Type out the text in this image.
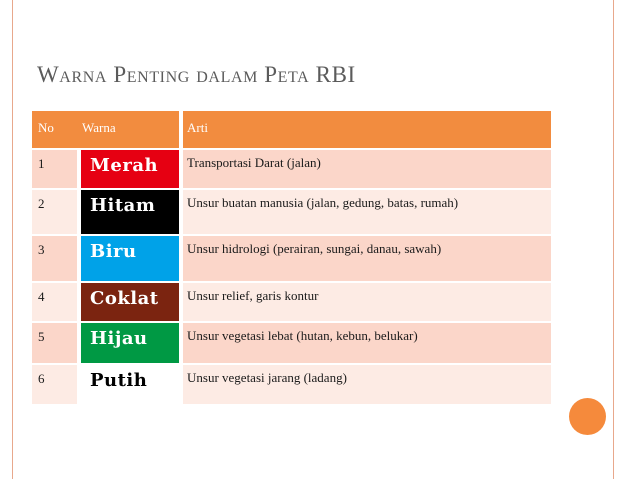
Warna Penting dalam Peta RBI
No	Warna	Arti
1	Merah	Transportasi Darat (jalan)
2	Hitam	Unsur buatan manusia (jalan, gedung, batas, rumah)
3	Biru	Unsur hidrologi (perairan, sungai, danau, sawah)
4	Coklat	Unsur relief, garis kontur
5	Hijau	Unsur vegetasi lebat (hutan, kebun, belukar)
6	Putih	Unsur vegetasi jarang (ladang)
